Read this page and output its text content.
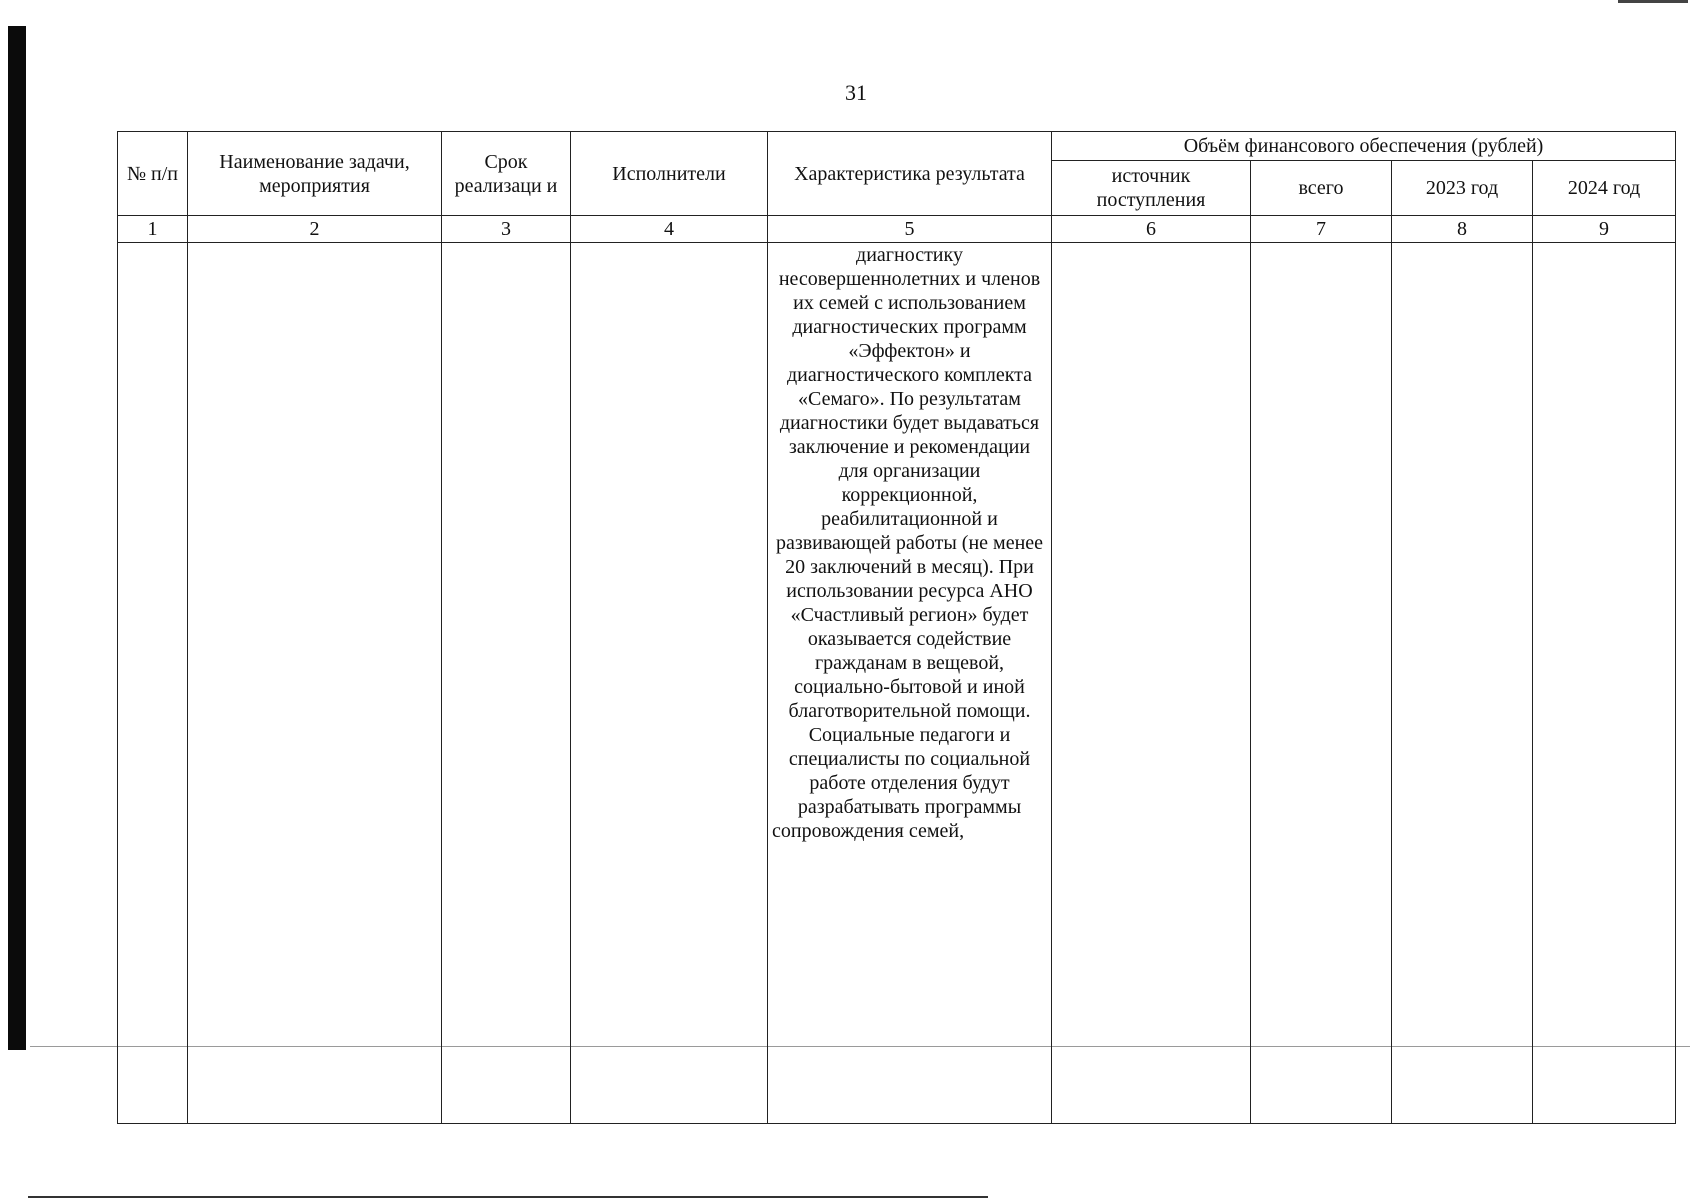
31
№ п/п	Наименование задачи, мероприятия	Срок реализаци и	Исполнители	Характеристика результата	Объём финансового обеспечения (рублей)			
					источник поступления	всего	2023 год	2024 год
1	2	3	4	5	6	7	8	9
				диагностику несовершеннолетних и членов их семей с использованием диагностических программ «Эффектон» и диагностического комплекта «Семаго». По результатам диагностики будет выдаваться заключение и рекомендации для организации коррекционной, реабилитационной и развивающей работы (не менее 20 заключений в месяц). При использовании ресурса АНО «Счастливый регион» будет оказывается содействие гражданам в вещевой, социально-бытовой и иной благотворительной помощи. Социальные педагоги и специалисты по социальной работе отделения будут разрабатывать программы сопровождения семей,				
